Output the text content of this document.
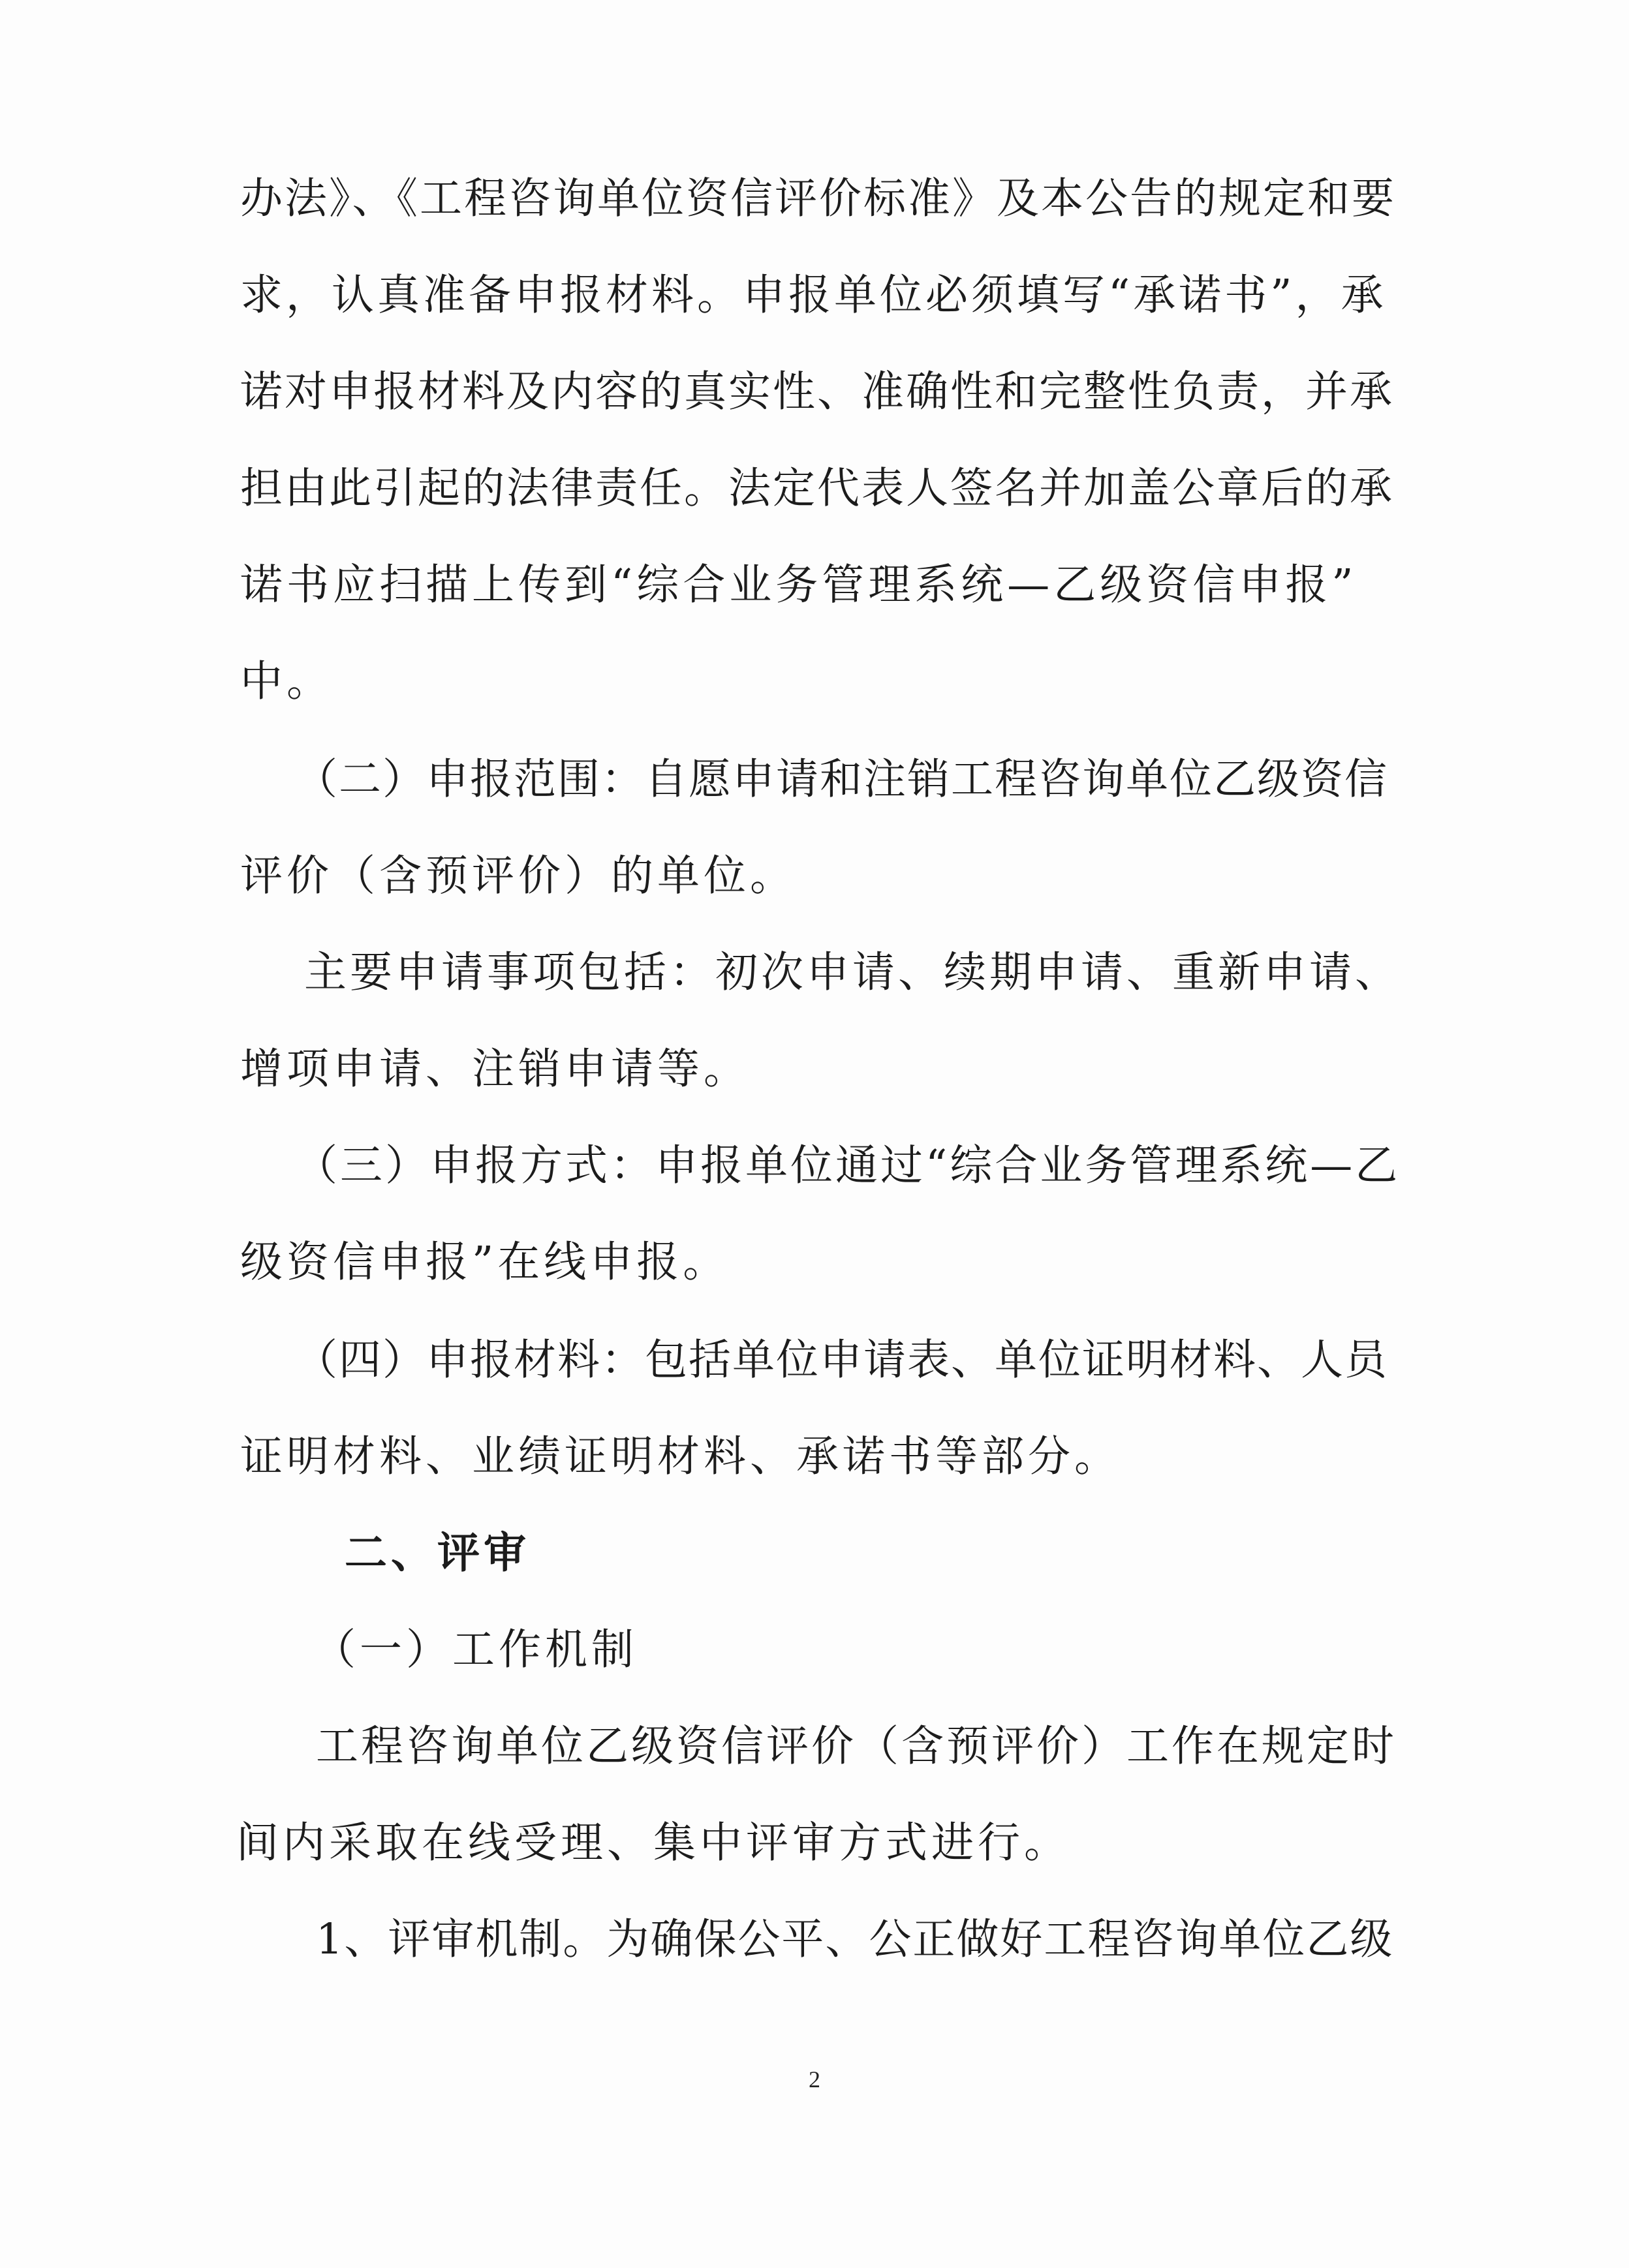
办法》、《工程咨询单位资信评价标准》及本公告的规定和要
求，认真准备申报材料。申报单位必须填写“承诺书”，承
诺对申报材料及内容的真实性、准确性和完整性负责，并承
担由此引起的法律责任。法定代表人签名并加盖公章后的承
诺书应扫描上传到“综合业务管理系统—乙级资信申报”
中。
（二）申报范围：自愿申请和注销工程咨询单位乙级资信
评价（含预评价）的单位。
主要申请事项包括：初次申请、续期申请、重新申请、
增项申请、注销申请等。
（三）申报方式：申报单位通过“综合业务管理系统—乙
级资信申报”在线申报。
（四）申报材料：包括单位申请表、单位证明材料、人员
证明材料、业绩证明材料、承诺书等部分。
二、评审
（一）工作机制
工程咨询单位乙级资信评价（含预评价）工作在规定时
间内采取在线受理、集中评审方式进行。
1、评审机制。为确保公平、公正做好工程咨询单位乙级
2
